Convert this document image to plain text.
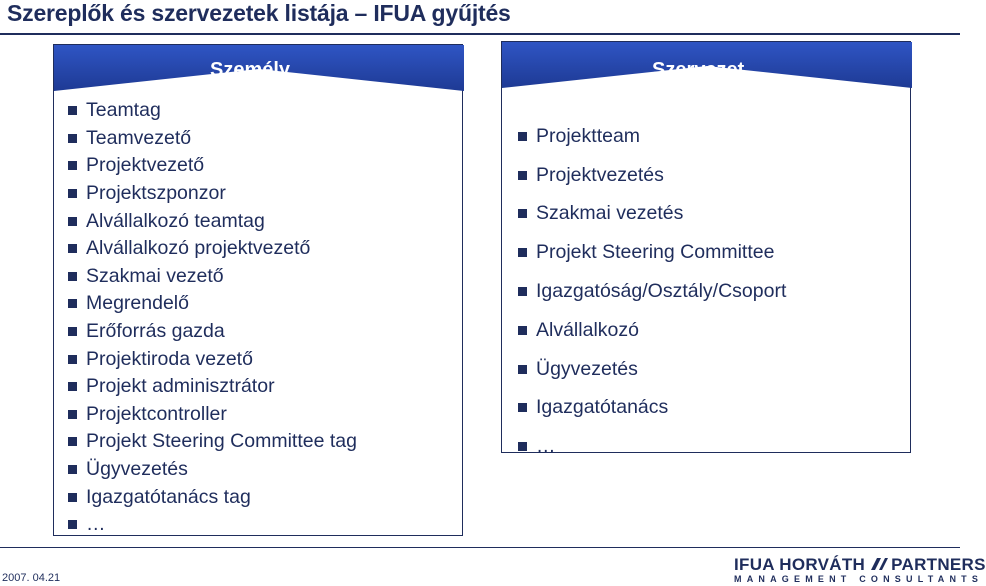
Szereplők és szervezetek listája – IFUA gyűjtés
Személy
Teamtag
Teamvezető
Projektvezető
Projektszponzor
Alvállalkozó teamtag
Alvállalkozó projektvezető
Szakmai vezető
Megrendelő
Erőforrás gazda
Projektiroda vezető
Projekt adminisztrátor
Projektcontroller
Projekt Steering Committee tag
Ügyvezetés
Igazgatótanács tag
…
Szervezet
Projektteam
Projektvezetés
Szakmai vezetés
Projekt Steering Committee
Igazgatóság/Osztály/Csoport
Alvállalkozó
Ügyvezetés
Igazgatótanács
…
2007. 04.21
IFUA HORVÁTH PARTNERS
MANAGEMENT CONSULTANTS
